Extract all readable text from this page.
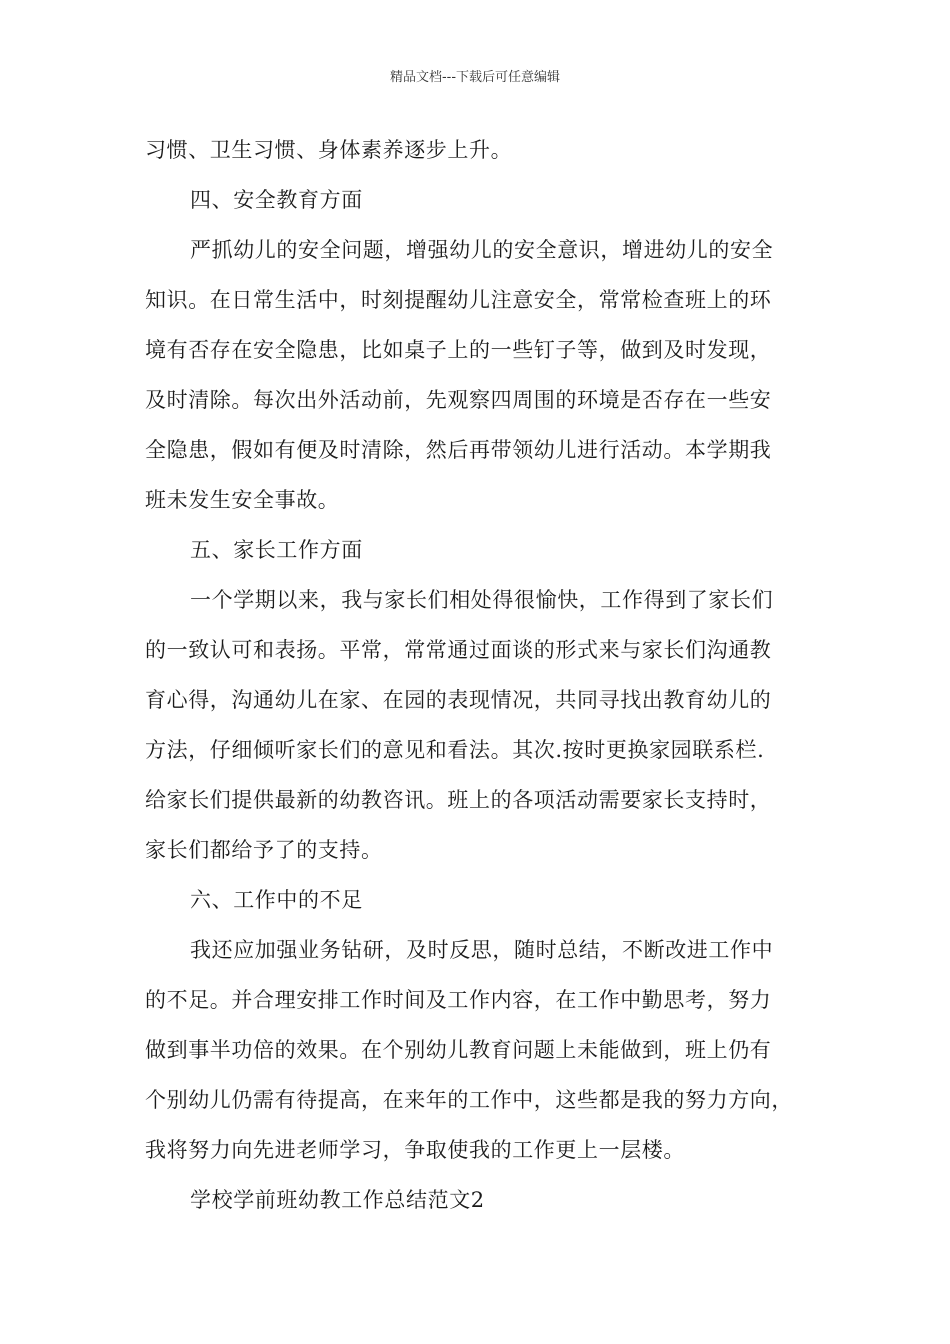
精品文档---下载后可任意编辑
习惯、卫生习惯、身体素养逐步上升。
四、安全教育方面
严抓幼儿的安全问题，增强幼儿的安全意识，增进幼儿的安全
知识。在日常生活中，时刻提醒幼儿注意安全，常常检查班上的环
境有否存在安全隐患，比如桌子上的一些钉子等，做到及时发现，
及时清除。每次出外活动前，先观察四周围的环境是否存在一些安
全隐患，假如有便及时清除，然后再带领幼儿进行活动。本学期我
班未发生安全事故。
五、家长工作方面
一个学期以来，我与家长们相处得很愉快，工作得到了家长们
的一致认可和表扬。平常，常常通过面谈的形式来与家长们沟通教
育心得，沟通幼儿在家、在园的表现情况，共同寻找出教育幼儿的
方法，仔细倾听家长们的意见和看法。其次.按时更换家园联系栏.
给家长们提供最新的幼教咨讯。班上的各项活动需要家长支持时，
家长们都给予了的支持。
六、工作中的不足
我还应加强业务钻研，及时反思，随时总结，不断改进工作中
的不足。并合理安排工作时间及工作内容，在工作中勤思考，努力
做到事半功倍的效果。在个别幼儿教育问题上未能做到，班上仍有
个别幼儿仍需有待提高，在来年的工作中，这些都是我的努力方向，
我将努力向先进老师学习，争取使我的工作更上一层楼。
学校学前班幼教工作总结范文2
